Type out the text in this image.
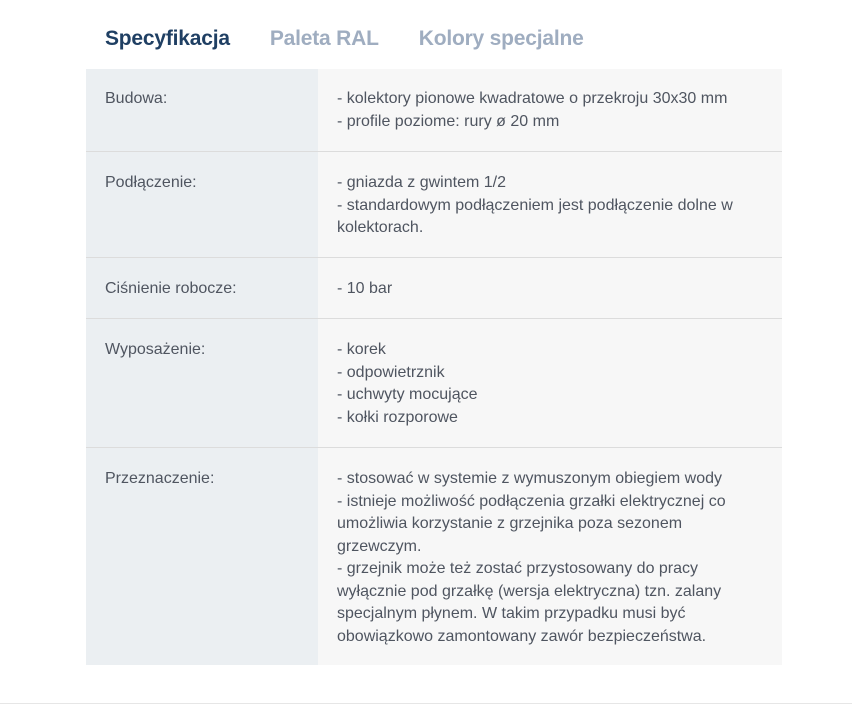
Specyfikacja Paleta RAL Kolory specjalne
Budowa:	- kolektory pionowe kwadratowe o przekroju 30x30 mm
- profile poziome: rury ø 20 mm
Podłączenie:	- gniazda z gwintem 1/2
- standardowym podłączeniem jest podłączenie dolne w kolektorach.
Ciśnienie robocze:	- 10 bar
Wyposażenie:	- korek
- odpowietrznik
- uchwyty mocujące
- kołki rozporowe
Przeznaczenie:	- stosować w systemie z wymuszonym obiegiem wody
- istnieje możliwość podłączenia grzałki elektrycznej co umożliwia korzystanie z grzejnika poza sezonem grzewczym.
- grzejnik może też zostać przystosowany do pracy wyłącznie pod grzałkę (wersja elektryczna) tzn. zalany specjalnym płynem. W takim przypadku musi być obowiązkowo zamontowany zawór bezpieczeństwa.
